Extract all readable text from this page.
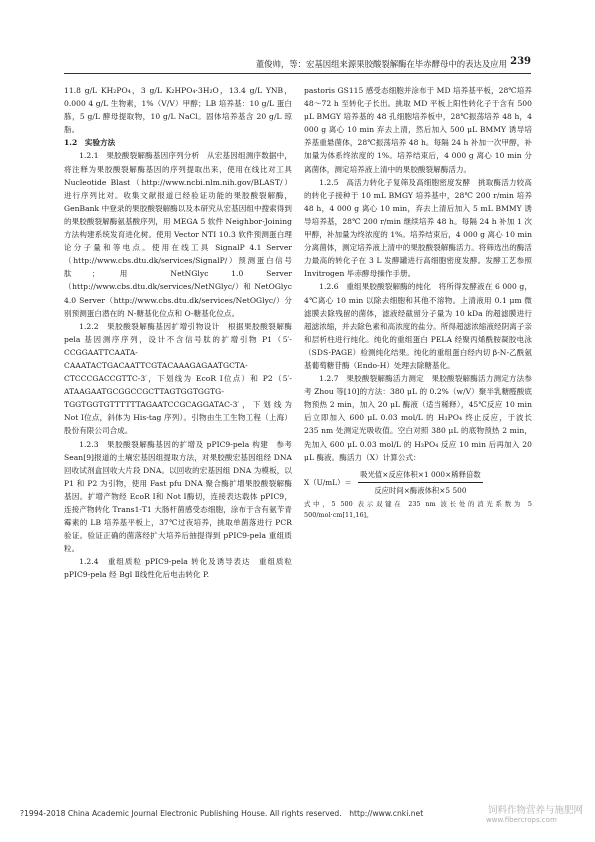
董俊帅，等：宏基因组来源果胶酸裂解酶在毕赤酵母中的表达及应用 239

11.8 g/L KH₂PO₄，3 g/L K₂HPO₄·3H₂O，13.4 g/L YNB，0.000 4 g/L 生物素，1%（V/V）甲醇；LB 培养基：10 g/L 蛋白胨，5 g/L 酵母提取物，10 g/L NaCl。固体培养基含 20 g/L 琼脂。

1.2　实验方法

1.2.1　果胶酸裂解酶基因序列分析　从宏基因组测序数据中，将注释为果胶酸裂解酶基因的序列提取出来，使用在线比对工具 Nucleotide Blast（http://www.ncbi.nlm.nih.gov/BLAST/）进行序列比对。收集文献报道已经验证功能的果胶酸裂解酶，GenBank 中登录的果胶酸裂解酶以及本研究从宏基因组中搜索得到的果胶酸裂解酶氨基酸序列，用 MEGA 5 软件 Neighbor-Joining 方法构建系统发育进化树。使用 Vector NTI 10.3 软件预测蛋白理论分子量和等电点。使用在线工具 SignalP 4.1 Server（http://www.cbs.dtu.dk/services/SignalP/）预测蛋白信号肽；用 NetNGlyc 1.0 Server（http://www.cbs.dtu.dk/services/NetNGlyc/）和 NetOGlyc 4.0 Server（http://www.cbs.dtu.dk/services/NetOGlyc/）分别预测蛋白潜在的 N-糖基化位点和 O-糖基化位点。

1.2.2　果胶酸裂解酶基因扩增引物设计　根据果胶酸裂解酶 pela 基因测序序列，设计不含信号肽的扩增引物 P1（5′-CCGGAATTCAATA-CAAATACTGACAATTCGTACAAAGAGAATGCTA-CTCCCGACCGTTC-3′，下划线为 EcoR Ⅰ位点）和 P2（5′-ATAAGAATGCGGCCGCTTAGTGGTGGTG-TGGTGGTGTTTTTTAGAATCCGCAGGATAC-3′，下划线为 Not Ⅰ位点，斜体为 His-tag 序列）。引物由生工生物工程（上海）股份有限公司合成。

1.2.3　果胶酸裂解酶基因的扩增及 pPIC9-pela 构建　参考 Sean[9]报道的土壤宏基因组提取方法，对果胶酸宏基因组经 DNA 回收试剂盒回收大片段 DNA。以回收的宏基因组 DNA 为模板，以 P1 和 P2 为引物，使用 Fast pfu DNA 聚合酶扩增果胶酸裂解酶基因。扩增产物经 EcoR Ⅰ和 Not Ⅰ酶切，连接表达载体 pPIC9，连接产物转化 Trans1-T1 大肠杆菌感受态细胞，涂布于含有氨苄青霉素的 LB 培养基平板上，37℃过夜培养，挑取单菌落进行 PCR 验证。验证正确的菌落经扩大培养后抽提得到 pPIC9-pela 重组质粒。

1.2.4　重组质粒 pPIC9-pela 转化及诱导表达　重组质粒 pPIC9-pela 经 Bgl Ⅱ线性化后电击转化 P.

pastoris GS115 感受态细胞并涂布于 MD 培养基平板，28℃培养 48～72 h 至转化子长出。挑取 MD 平板上阳性转化子于含有 500 μL BMGY 培养基的 48 孔细胞培养板中，28℃振荡培养 48 h，4 000 g 离心 10 min 弃去上清，然后加入 500 μL BMMY 诱导培养基重悬菌体，28℃振荡培养 48 h。每隔 24 h 补加一次甲醇，补加量为体系终浓度的 1%。培养结束后，4 000 g 离心 10 min 分离菌体，测定培养液上清中的果胶酸裂解酶活力。

1.2.5　高活力转化子复筛及高细胞密度发酵　挑取酶活力较高的转化子接种于 10 mL BMGY 培养基中，28℃ 200 r/min 培养 48 h，4 000 g 离心 10 min，弃去上清后加入 5 mL BMMY 诱导培养基，28℃ 200 r/min 继续培养 48 h。每隔 24 h 补加 1 次甲醇，补加量为终浓度的 1%。培养结束后，4 000 g 离心 10 min 分离菌体，测定培养液上清中的果胶酸裂解酶活力。将筛选出的酶活力最高的转化子在 3 L 发酵罐进行高细胞密度发酵。发酵工艺参照 Invitrogen 毕赤酵母操作手册。

1.2.6　重组果胶酸裂解酶的纯化　将所得发酵液在 6 000 g，4℃离心 10 min 以除去细胞和其他不溶物。上清液用 0.1 μm 微滤膜去除残留的菌体，滤液经截留分子量为 10 kDa 的超滤膜进行超滤浓缩，并去除色素和高浓度的盐分。所得超滤浓缩液经阴离子亲和层析柱进行纯化。纯化的重组蛋白 PELA 经聚丙烯酰胺凝胶电泳（SDS-PAGE）检测纯化结果。纯化的重组蛋白经内切 β-N-乙酰氨基葡萄糖苷酶（Endo-H）处理去除糖基化。

1.2.7　果胶酸裂解酶活力测定　果胶酸裂解酶活力测定方法参考 Zhou 等[10]的方法：380 μL 的 0.2%（w/V）聚半乳糖醛酸底物预热 2 min，加入 20 μL 酶液（适当稀释），45℃反应 10 min 后立即加入 600 μL 0.03 mol/L 的 H₃PO₄ 终止反应，于波长 235 nm 处测定光吸收值。空白对照 380 μL 的底物预热 2 min，先加入 600 μL 0.03 mol/L 的 H₃PO₄ 反应 10 min 后再加入 20 μL 酶液。酶活力（X）计算公式：

$X(U/mL)= \frac{\text{吸光值×反应体积×1 000×稀释倍数}}{\text{反应时间×酶液体积×5 500}}$

式中，5 500 表示双键在 235 nm 波长处的消光系数为 5 500/mol·cm[11,16]。

?1994-2018 China Academic Journal Electronic Publishing House. All rights reserved.　http://www.cnki.net	饲料作物营养与施肥网
www.fibercrops.com
